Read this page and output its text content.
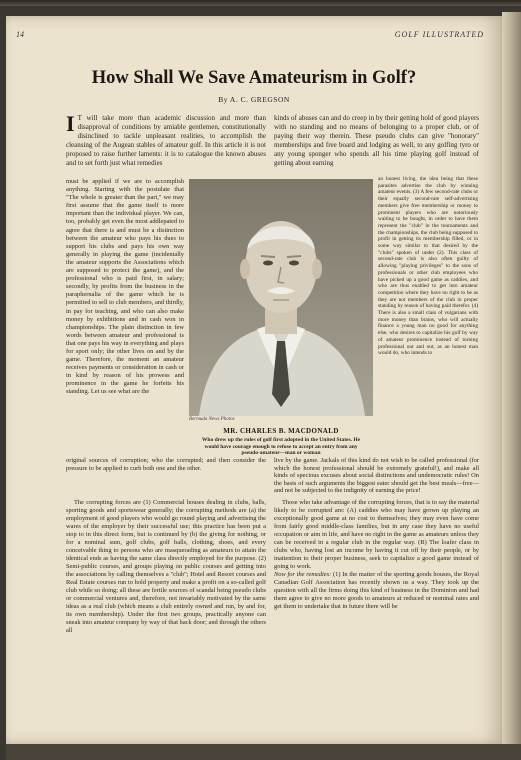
14	GOLF ILLUSTRATED
How Shall We Save Amateurism in Golf?
By A. C. GREGSON

I T will take more than academic discussion and more than disapproval of conditions by amiable gentlemen, constitutionally disinclined to tackle unpleasant realities, to accomplish the cleansing of the Augean stables of amateur golf. In this article it is not proposed to raise further laments: it is to catalogue the known abuses and to set forth just what remedies

must be applied if we are to accomplish anything. Starting with the postulate that "The whole is greater than the part," we may first assume that the game itself is more important than the individual player. We can, too, probably get even the most addlepated to agree that there is and must be a distinction between the amateur who pays his dues to support his clubs and pays his own way generally in playing the game (incidentally the amateur supports the Associations which are supposed to protect the game), and the professional who is paid first, in salary; secondly, by profits from the business in the paraphernalia of the game which he is permitted to sell to club members, and thirdly, in pay for teaching, and who can also make money by exhibitions and in cash won in championships. The plain distinction in few words between amateur and professional is that one pays his way in everything and plays for sport only; the other lives on and by the game. Therefore, the moment an amateur receives payments or consideration in cash or in kind by reason of his prowess and prominence in the game he forfeits his standing. Let us see what are the

Bermuda News Photos
MR. CHARLES B. MACDONALD
Who drew up the rules of golf first adopted in the United States. He would have courage enough to refuse to accept an entry from any pseudo-amateur—man or woman

kinds of abuses can and do creep in by their getting hold of good players with no standing and no means of belonging to a proper club, or of paying their way therein. These pseudo clubs can give "honorary" memberships and free board and lodging as well, to any golfing tyro or any young sponger who spends all his time playing golf instead of getting about earning

an honest living, the idea being that these parasites advertise the club by winning amateur events. (3) A few second-rate clubs or their equally second-rate self-advertising members give free membership or money to prominent players who are notoriously waiting to be bought, in order to have them represent the "club" in the tournaments and the championships, the club being supposed to profit in getting its membership filled, or in some way similar to that desired by the "clubs" spoken of under (2). This class of second-rate club is also often guilty of allowing "playing privileges" to the sons of professionals or other club employees who have picked up a good game as caddies, and who are thus enabled to get into amateur competition where they have no right to be as they are not members of the club in proper standing by reason of having paid therefor. (4) There is also a small class of vulgarians with more money than brains, who will actually finance a young man no good for anything else, who desires to capitalize his golf by way of amateur prominence instead of turning professional out and out, as an honest man would do, who intends to

original sources of corruption; who the corrupted; and then consider the pressure to be applied to curb both one and the other.

live by the game. Jackals of this kind do not wish to be called professional (for which the honest professional should be extremely grateful!), and make all kinds of specious excuses about social distinctions and undemocratic rules! On the basis of such arguments the biggest eater should get the best meals—free—and not be subjected to the indignity of earning the price!

The corrupting forces are (1) Commercial houses dealing in clubs, balls, sporting goods and sportswear generally; the corrupting methods are (a) the employment of good players who would go round playing and advertising the wares of the employer by their successful use; this practice has been put a stop to in this direct form, but is continued by (b) the giving for nothing, or for a nominal sum, golf clubs, golf balls, clothing, shoes, and every conceivable thing to persons who are masquerading as amateurs to attain the identical ends as having the same class directly employed for the purpose. (2) Semi-public courses, and groups playing on public courses and getting into the associations by calling themselves a "club"; Hotel and Resort courses and Real Estate courses run to hold property and make a profit on a so-called golf club while so doing; all these are fertile sources of scandal being pseudo clubs or commercial ventures and, therefore, not invariably motivated by the same ideas as a real club (which means a club entirely owned and run, by and for, its own membership). Under the first two groups, practically anyone can sneak into amateur company by way of that back door; and through the others all

Those who take advantage of the corrupting forces, that is to say the material likely to be corrupted are: (A) caddies who may have grown up playing an exceptionally good game at no cost to themselves; they may even have come from fairly good middle-class families, but in any case they have no useful occupation or aim in life, and have no right in the game as amateurs unless they can be received in a regular club in the regular way. (B) The loafer class in clubs who, having lost an income by having it cut off by their people, or by inattention to their proper business, seek to capitalize a good game instead of going to work.
Now for the remedies: (1) In the matter of the sporting goods houses, the Royal Canadian Golf Association has recently shown us a way. They took up the question with all the firms doing this kind of business in the Dominion and had them agree to give no more goods to amateurs at reduced or nominal rates and get them to undertake that in future there will be
